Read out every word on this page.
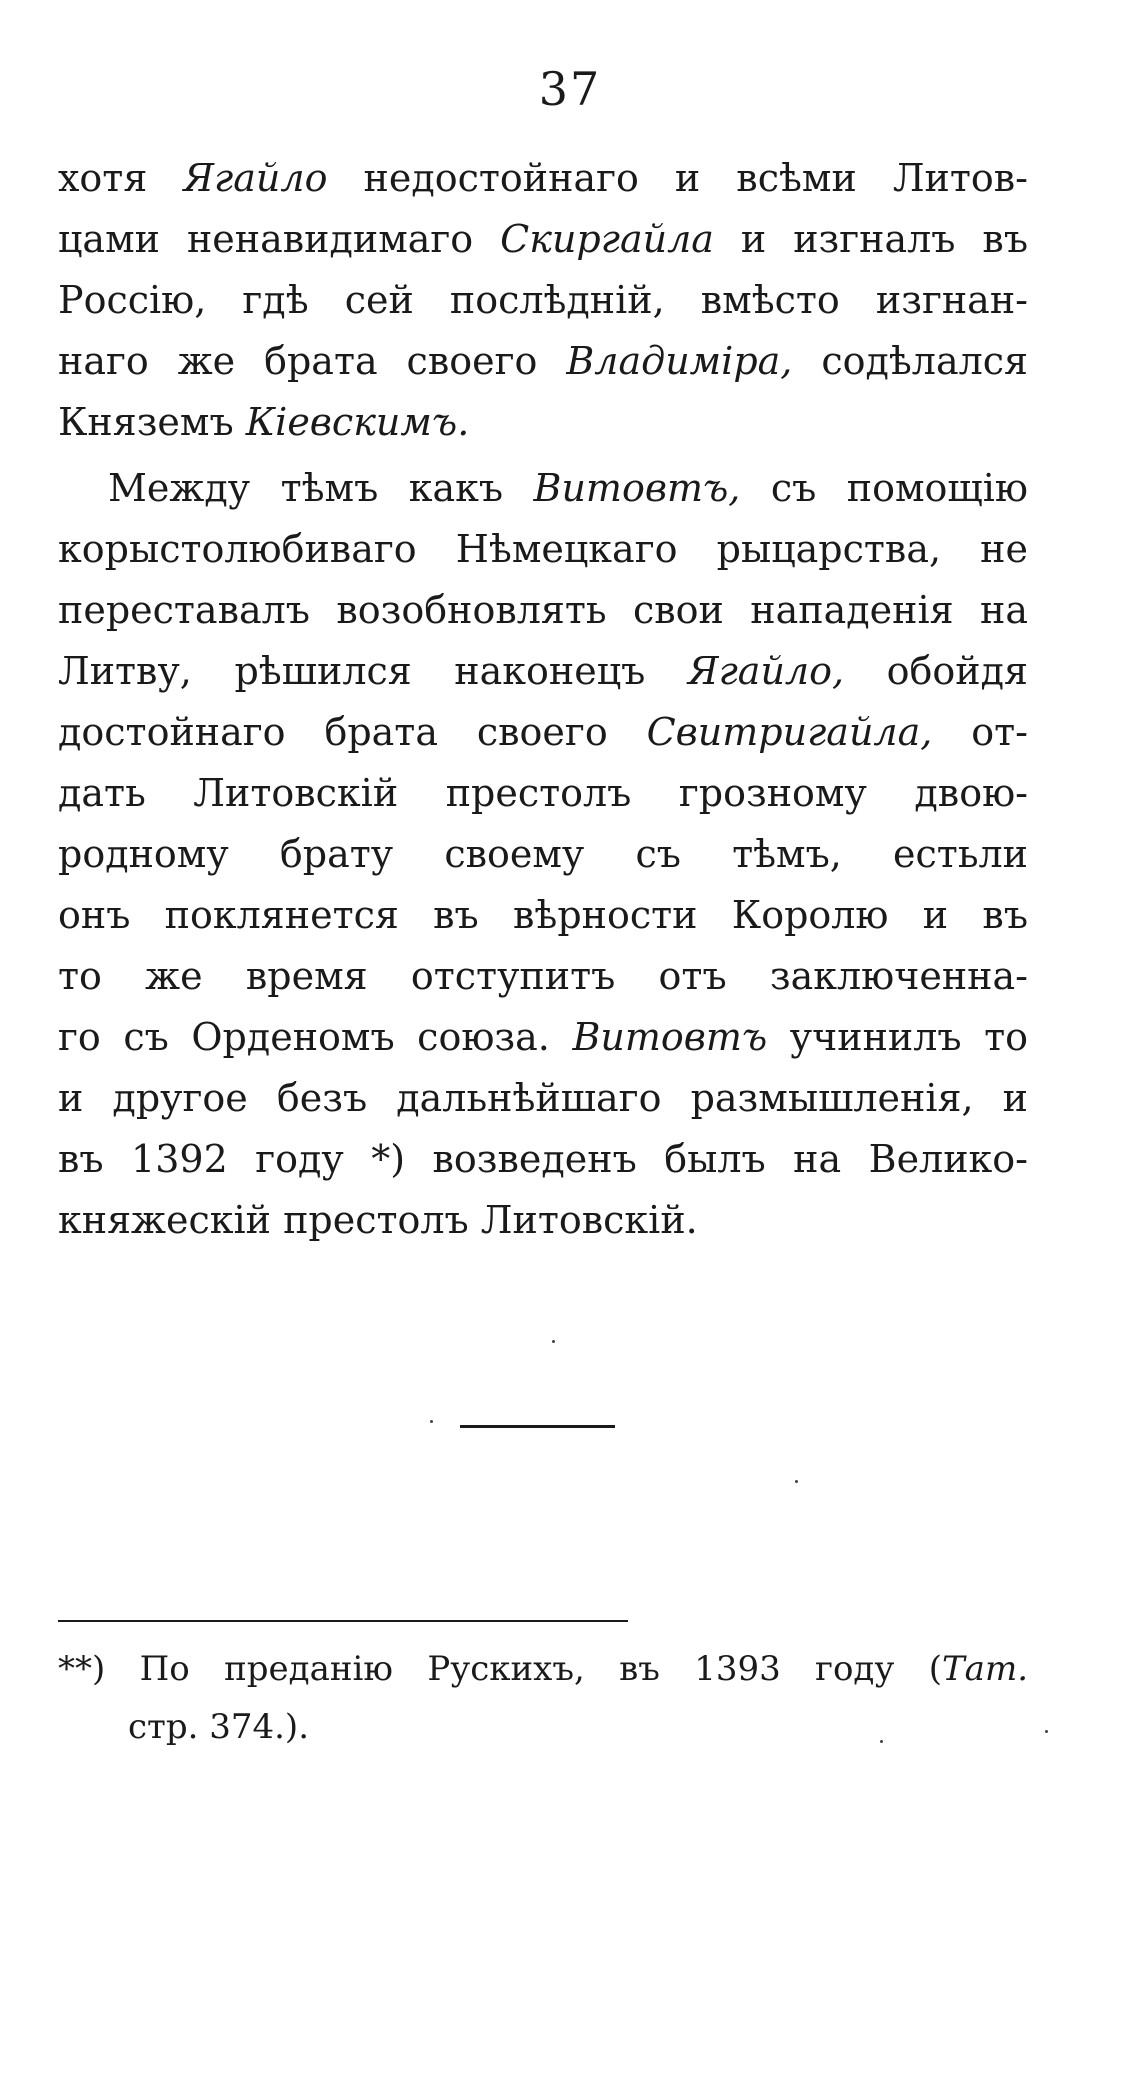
37
хотя Ягайло недостойнаго и всѣми Литов-
цами ненавидимаго Скиргайла и изгналъ въ
Россію, гдѣ сей послѣдній, вмѣсто изгнан-
наго же брата своего Владиміра, содѣлался
Княземъ Кіевскимъ.
Между тѣмъ какъ Витовтъ, съ помощію
корыстолюбиваго Нѣмецкаго рыцарства, не
переставалъ возобновлять свои нападенія на
Литву, рѣшился наконецъ Ягайло, обойдя
достойнаго брата своего Свитригайла, от-
дать Литовскій престолъ грозному двою-
родному брату своему съ тѣмъ, естьли
онъ поклянется въ вѣрности Королю и въ
то же время отступитъ отъ заключенна-
го съ Орденомъ союза. Витовтъ учинилъ то
и другое безъ дальнѣйшаго размышленія, и
въ 1392 году *) возведенъ былъ на Велико-
княжескій престолъ Литовскій.
**) По преданію Рускихъ, въ 1393 году (Тат.
стр. 374.).
